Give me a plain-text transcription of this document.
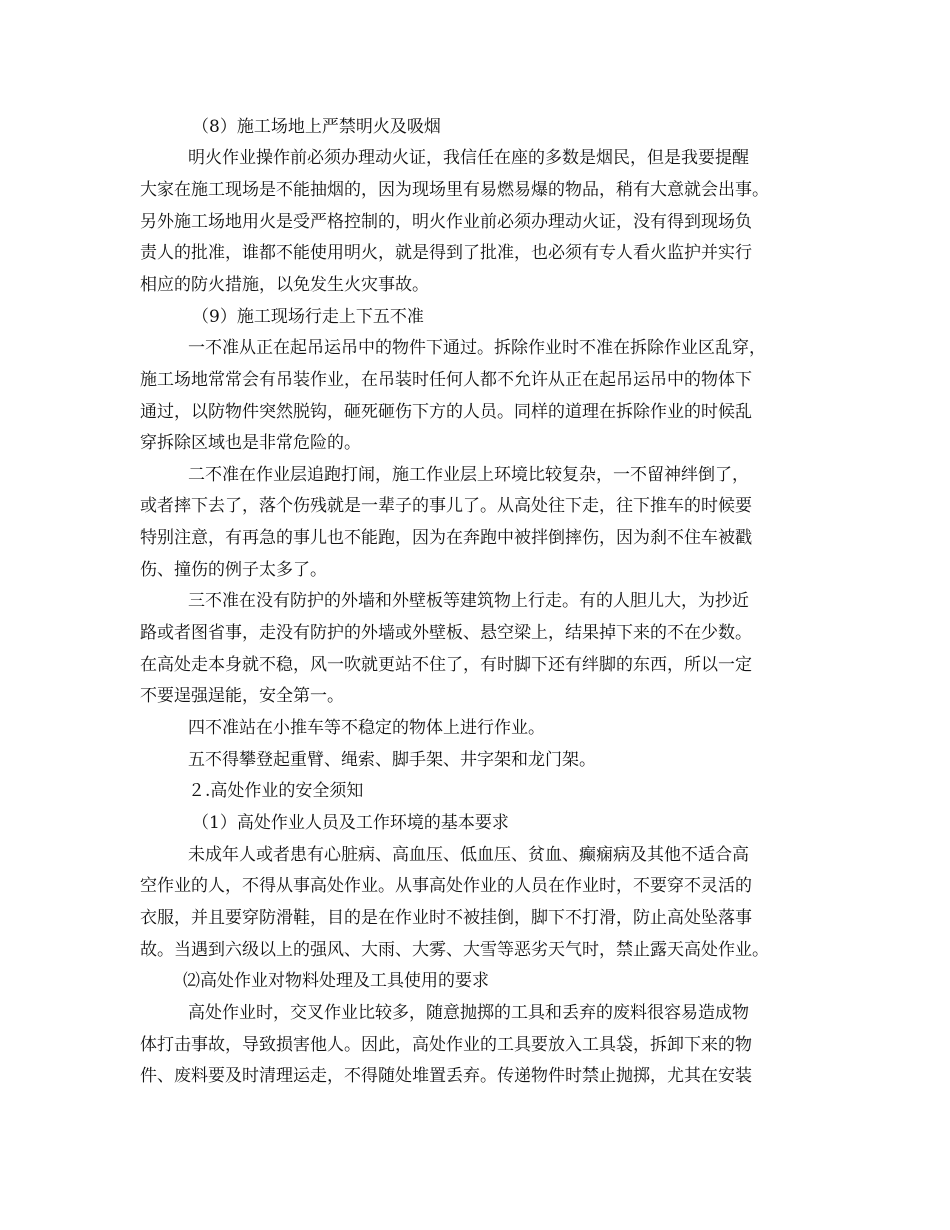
（8）施工场地上严禁明火及吸烟
明火作业操作前必须办理动火证，我信任在座的多数是烟民，但是我要提醒
大家在施工现场是不能抽烟的，因为现场里有易燃易爆的物品，稍有大意就会出事。
另外施工场地用火是受严格控制的，明火作业前必须办理动火证，没有得到现场负
责人的批准，谁都不能使用明火，就是得到了批准，也必须有专人看火监护并实行
相应的防火措施，以免发生火灾事故。
（9）施工现场行走上下五不准
一不准从正在起吊运吊中的物件下通过。拆除作业时不准在拆除作业区乱穿，
施工场地常常会有吊装作业，在吊装时任何人都不允许从正在起吊运吊中的物体下
通过，以防物件突然脱钩，砸死砸伤下方的人员。同样的道理在拆除作业的时候乱
穿拆除区域也是非常危险的。
二不准在作业层追跑打闹，施工作业层上环境比较复杂，一不留神绊倒了，
或者摔下去了，落个伤残就是一辈子的事儿了。从高处往下走，往下推车的时候要
特别注意，有再急的事儿也不能跑，因为在奔跑中被拌倒摔伤，因为刹不住车被戳
伤、撞伤的例子太多了。
三不准在没有防护的外墙和外壁板等建筑物上行走。有的人胆儿大，为抄近
路或者图省事，走没有防护的外墙或外壁板、悬空梁上，结果掉下来的不在少数。
在高处走本身就不稳，风一吹就更站不住了，有时脚下还有绊脚的东西，所以一定
不要逞强逞能，安全第一。
四不准站在小推车等不稳定的物体上进行作业。
五不得攀登起重臂、绳索、脚手架、井字架和龙门架。
２.高处作业的安全须知
（1）高处作业人员及工作环境的基本要求
未成年人或者患有心脏病、高血压、低血压、贫血、癫痫病及其他不适合高
空作业的人，不得从事高处作业。从事高处作业的人员在作业时，不要穿不灵活的
衣服，并且要穿防滑鞋，目的是在作业时不被挂倒，脚下不打滑，防止高处坠落事
故。当遇到六级以上的强风、大雨、大雾、大雪等恶劣天气时，禁止露天高处作业。
⑵高处作业对物料处理及工具使用的要求
高处作业时，交叉作业比较多，随意抛掷的工具和丢弃的废料很容易造成物
体打击事故，导致损害他人。因此，高处作业的工具要放入工具袋，拆卸下来的物
件、废料要及时清理运走，不得随处堆置丢弃。传递物件时禁止抛掷，尤其在安装
